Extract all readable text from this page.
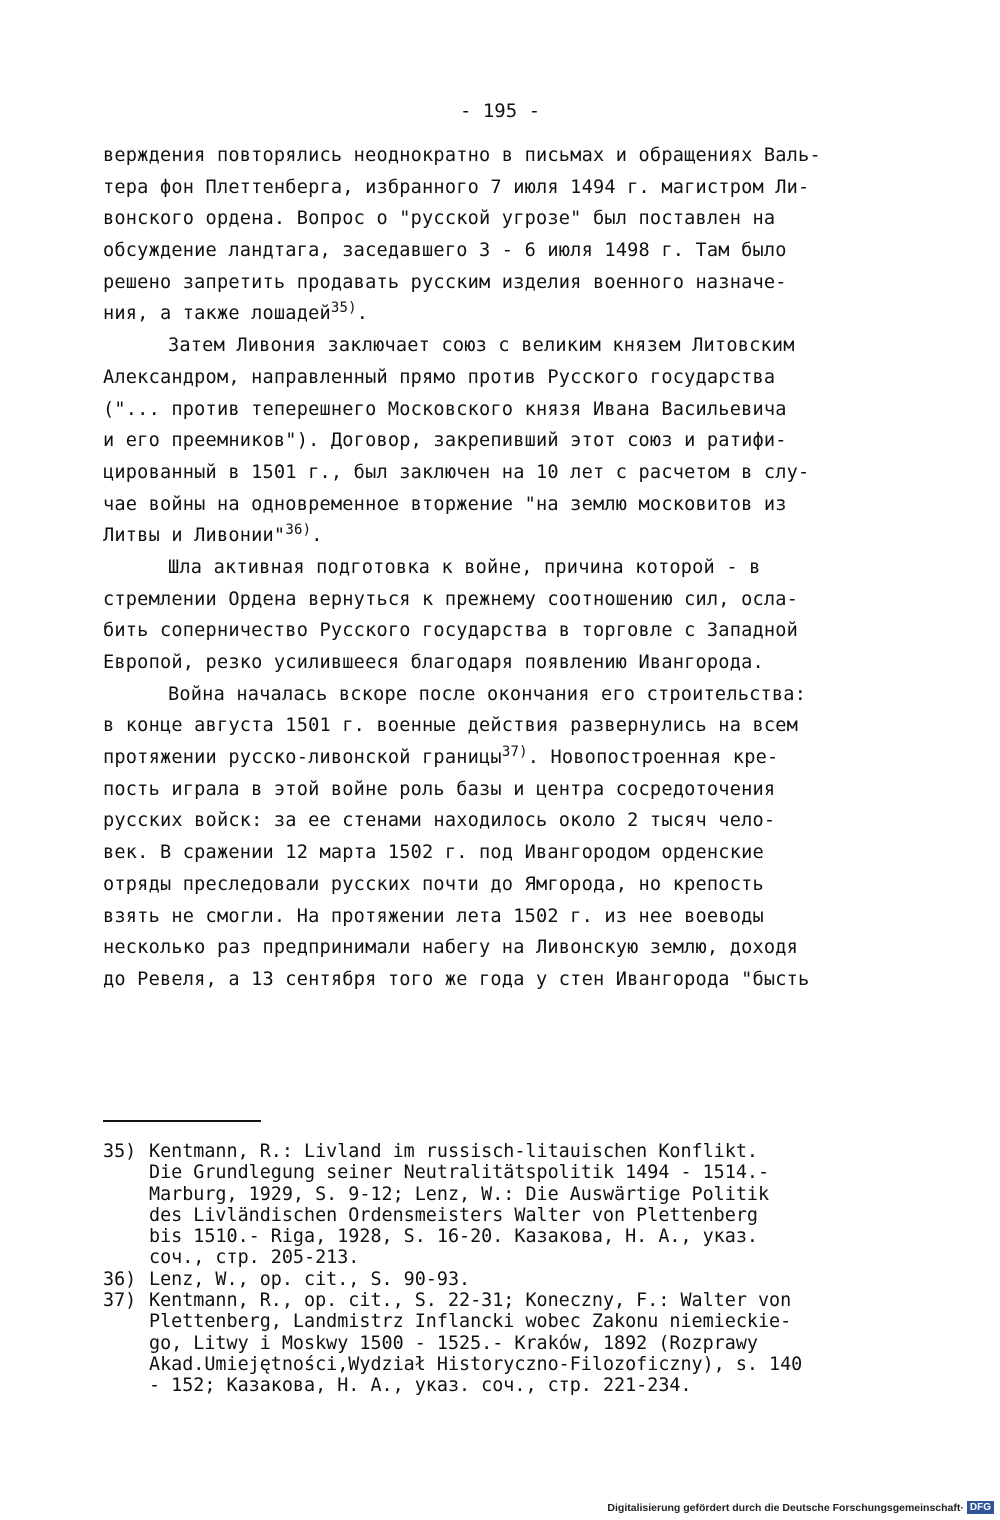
- 195 -
верждения повторялись неоднократно в письмах и обращениях Валь-
тера фон Плеттенберга, избранного 7 июля 1494 г. магистром Ли-
вонского ордена. Вопрос о "русской угрозе" был поставлен на
обсуждение ландтага, заседавшего 3 - 6 июля 1498 г. Там было
решено запретить продавать русским изделия военного назначе-
ния, а также лошадей$^{35)}$.
Затем Ливония заключает союз с великим князем Литовским
Александром, направленный прямо против Русского государства
("... против теперешнего Московского князя Ивана Васильевича
и его преемников"). Договор, закрепивший этот союз и ратифи-
цированный в 1501 г., был заключен на 10 лет с расчетом в слу-
чае войны на одновременное вторжение "на землю московитов из
Литвы и Ливонии"$^{36)}$.
Шла активная подготовка к войне, причина которой - в
стремлении Ордена вернуться к прежнему соотношению сил, осла-
бить соперничество Русского государства в торговле с Западной
Европой, резко усилившееся благодаря появлению Ивангорода.
Война началась вскоре после окончания его строительства:
в конце августа 1501 г. военные действия развернулись на всем
протяжении русско-ливонской границы$^{37)}$. Новопостроенная кре-
пость играла в этой войне роль базы и центра сосредоточения
русских войск: за ее стенами находилось около 2 тысяч чело-
век. В сражении 12 марта 1502 г. под Ивангородом орденские
отряды преследовали русских почти до Ямгорода, но крепость
взять не смогли. На протяжении лета 1502 г. из нее воеводы
несколько раз предпринимали набегу на Ливонскую землю, доходя
до Ревеля, а 13 сентября того же года у стен Ивангорода "бысть
35) Kentmann, R.: Livland im russisch-litauischen Konflikt.
Die Grundlegung seiner Neutralitätspolitik 1494 - 1514.-
Marburg, 1929, S. 9-12; Lenz, W.: Die Auswärtige Politik
des Livländischen Ordensmeisters Walter von Plettenberg
bis 1510.- Riga, 1928, S. 16-20. Казакова, Н. А., указ.
соч., стр. 205-213.
36) Lenz, W., op. cit., S. 90-93.
37) Kentmann, R., op. cit., S. 22-31; Koneczny, F.: Walter von
Plettenberg, Landmistrz Inflancki wobec Zakonu niemieckie-
go, Litwy i Moskwy 1500 - 1525.- Kraków, 1892 (Rozprawy
Akad.Umiejętności,Wydział Historyczno-Filozoficzny), s. 140
- 152; Казакова, Н. А., указ. соч., стр. 221-234.
Digitalisierung gefördert durch die Deutsche Forschungsgemeinschaft · DFG
